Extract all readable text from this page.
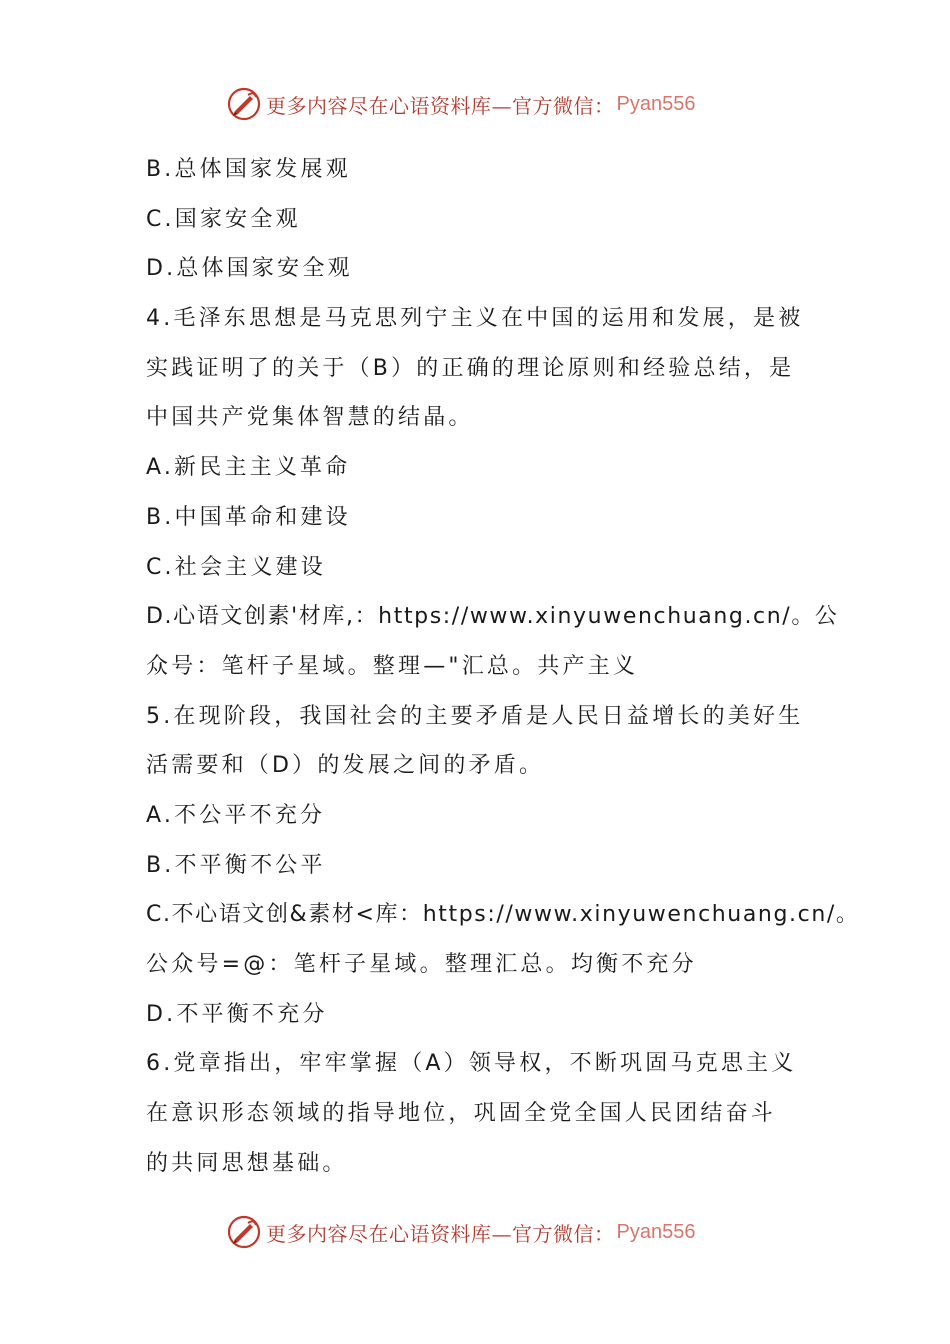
更多内容尽在心语资料库—官方微信： Pyan556
B.总体国家发展观
C.国家安全观
D.总体国家安全观
4.毛泽东思想是马克思列宁主义在中国的运用和发展，是被
实践证明了的关于（B）的正确的理论原则和经验总结，是
中国共产党集体智慧的结晶。
A.新民主主义革命
B.中国革命和建设
C.社会主义建设
D.心语文创素'材库,：https://www.xinyuwenchuang.cn/。公
众号：笔杆子星域。整理—"汇总。共产主义
5.在现阶段，我国社会的主要矛盾是人民日益增长的美好生
活需要和（D）的发展之间的矛盾。
A.不公平不充分
B.不平衡不公平
C.不心语文创&素材<库：https://www.xinyuwenchuang.cn/。
公众号=@：笔杆子星域。整理汇总。均衡不充分
D.不平衡不充分
6.党章指出，牢牢掌握（A）领导权，不断巩固马克思主义
在意识形态领域的指导地位，巩固全党全国人民团结奋斗
的共同思想基础。
更多内容尽在心语资料库—官方微信： Pyan556
